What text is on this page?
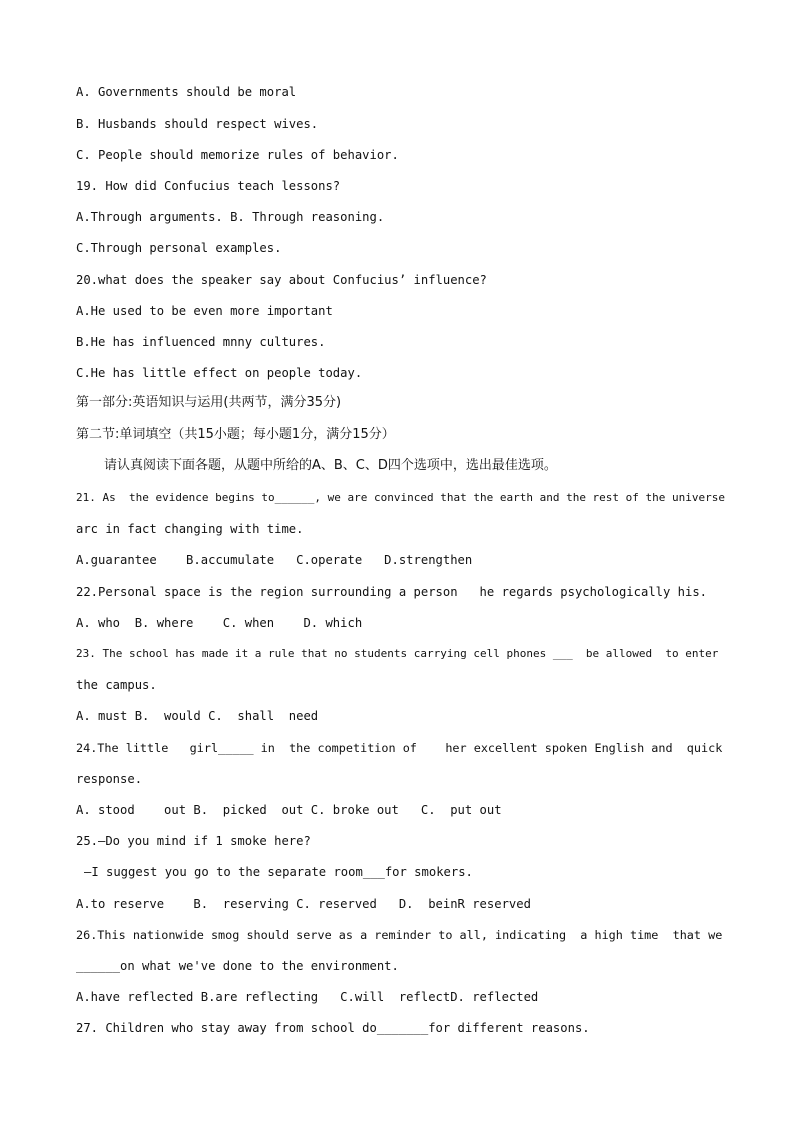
A. Governments should be moral
B. Husbands should respect wives.
C. People should memorize rules of behavior.
19. How did Confucius teach lessons?
A.Through arguments. B. Through reasoning.
C.Through personal examples.
20.what does the speaker say about Confucius’ influence?
A.He used to be even more important
B.He has influenced mnny cultures.
C.He has little effect on people today.
第一部分:英语知识与运用(共两节，满分35分)
第二节:单词填空（共15小题；每小题1分，满分15分）
请认真阅读下面各题，从题中所给的A、B、C、D四个选项中，选出最佳选项。
21. As  the evidence begins to______, we are convinced that the earth and the rest of the universe
arc in fact changing with time.
A.guarantee    B.accumulate   C.operate   D.strengthen
22.Personal space is the region surrounding a person   he regards psychologically his.
A. who  B. where    C. when    D. which
23. The school has made it a rule that no students carrying cell phones ___  be allowed  to enter
the campus.
A. must B.  would C.  shall  need
24.The little   girl_____ in  the competition of    her excellent spoken English and  quick
response.
A. stood    out B.  picked  out C. broke out   C.  put out
25.—Do you mind if 1 smoke here?
—I suggest you go to the separate room___for smokers.
A.to reserve    B.  reserving C. reserved   D.  beinR reserved
26.This nationwide smog should serve as a reminder to all, indicating  a high time  that we
______on what we've done to the environment.
A.have reflected B.are reflecting   C.will  reflectD. reflected
27. Children who stay away from school do_______for different reasons.
